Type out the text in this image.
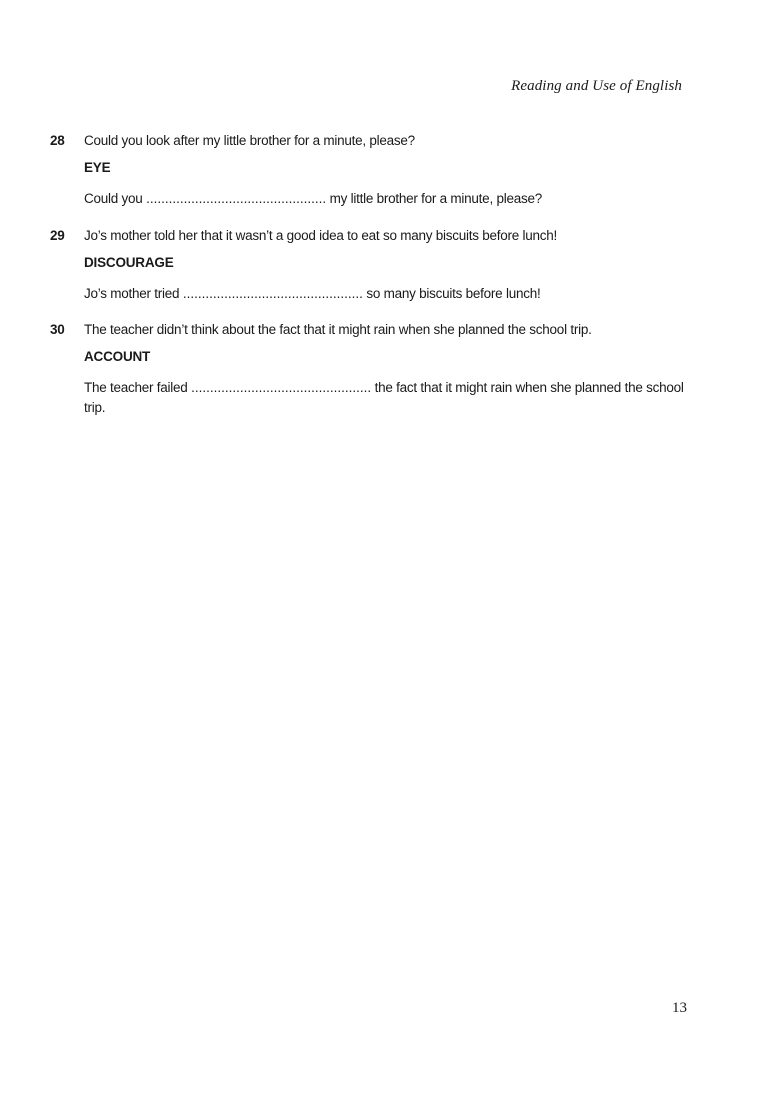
Reading and Use of English
28	Could you look after my little brother for a minute, please?
EYE
Could you ................................................ my little brother for a minute, please?
29	Jo’s mother told her that it wasn’t a good idea to eat so many biscuits before lunch!
DISCOURAGE
Jo’s mother tried ................................................ so many biscuits before lunch!
30	The teacher didn’t think about the fact that it might rain when she planned the school trip.
ACCOUNT
The teacher failed ................................................ the fact that it might rain when she planned the school trip.
13
